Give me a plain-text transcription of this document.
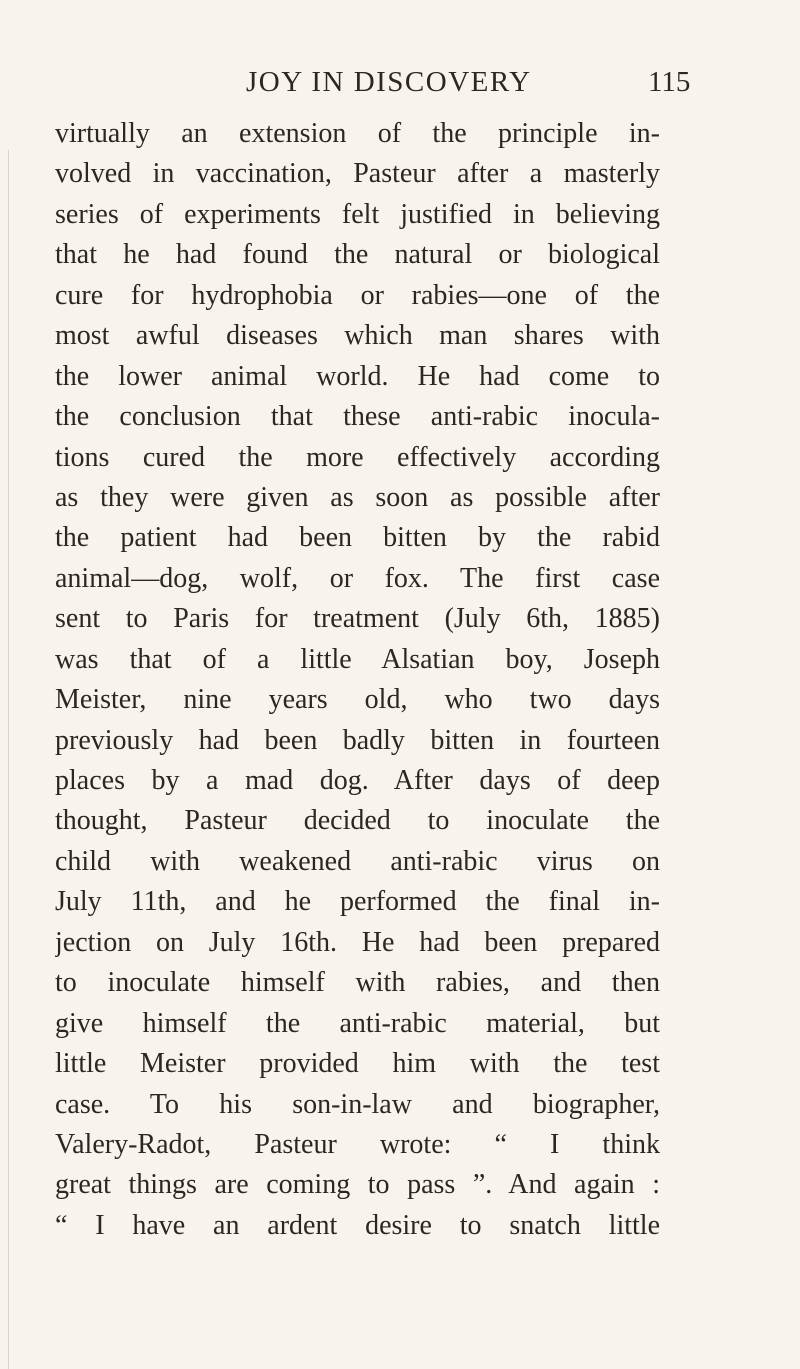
JOY IN DISCOVERY	115
virtually an extension of the principle in-
volved in vaccination, Pasteur after a masterly
series of experiments felt justified in believing
that he had found the natural or biological
cure for hydrophobia or rabies—one of the
most awful diseases which man shares with
the lower animal world. He had come to
the conclusion that these anti-rabic inocula-
tions cured the more effectively according
as they were given as soon as possible after
the patient had been bitten by the rabid
animal—dog, wolf, or fox. The first case
sent to Paris for treatment (July 6th, 1885)
was that of a little Alsatian boy, Joseph
Meister, nine years old, who two days
previously had been badly bitten in fourteen
places by a mad dog. After days of deep
thought, Pasteur decided to inoculate the
child with weakened anti-rabic virus on
July 11th, and he performed the final in-
jection on July 16th. He had been prepared
to inoculate himself with rabies, and then
give himself the anti-rabic material, but
little Meister provided him with the test
case. To his son-in-law and biographer,
Valery-Radot, Pasteur wrote: “ I think
great things are coming to pass ”. And again :
“ I have an ardent desire to snatch little
